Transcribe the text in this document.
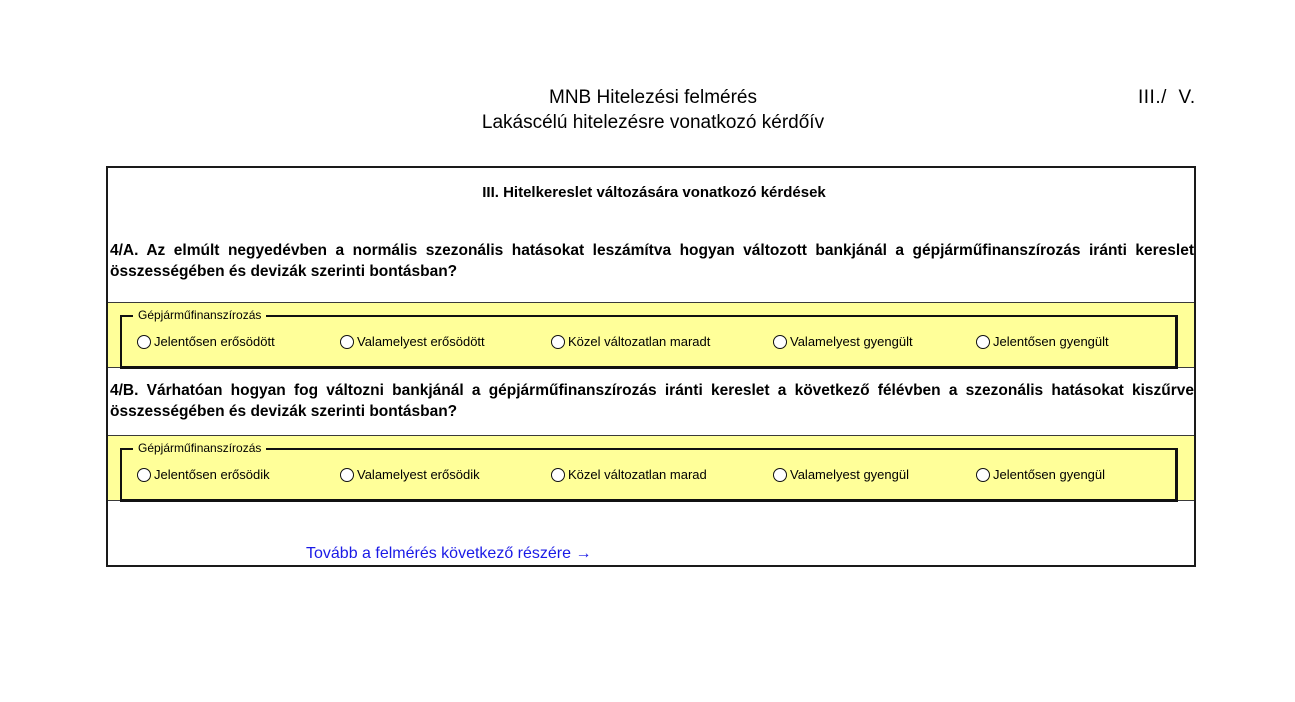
MNB Hitelezési felmérés
Lakáscélú hitelezésre vonatkozó kérdőív
III./  V.
III. Hitelkereslet változására vonatkozó kérdések
4/A. Az elmúlt negyedévben a normális szezonális hatásokat leszámítva hogyan változott bankjánál a gépjárműfinanszírozás iránti kereslet összességében és devizák szerinti bontásban?
Gépjárműfinanszírozás
Jelentősen erősödött	Valamelyest erősödött	Közel változatlan maradt	Valamelyest gyengült	Jelentősen gyengült
4/B. Várhatóan hogyan fog változni bankjánál a gépjárműfinanszírozás iránti kereslet a következő félévben a szezonális hatásokat kiszűrve összességében és devizák szerinti bontásban?
Gépjárműfinanszírozás
Jelentősen erősödik	Valamelyest erősödik	Közel változatlan marad	Valamelyest gyengül	Jelentősen gyengül
Tovább a felmérés következő részére →
